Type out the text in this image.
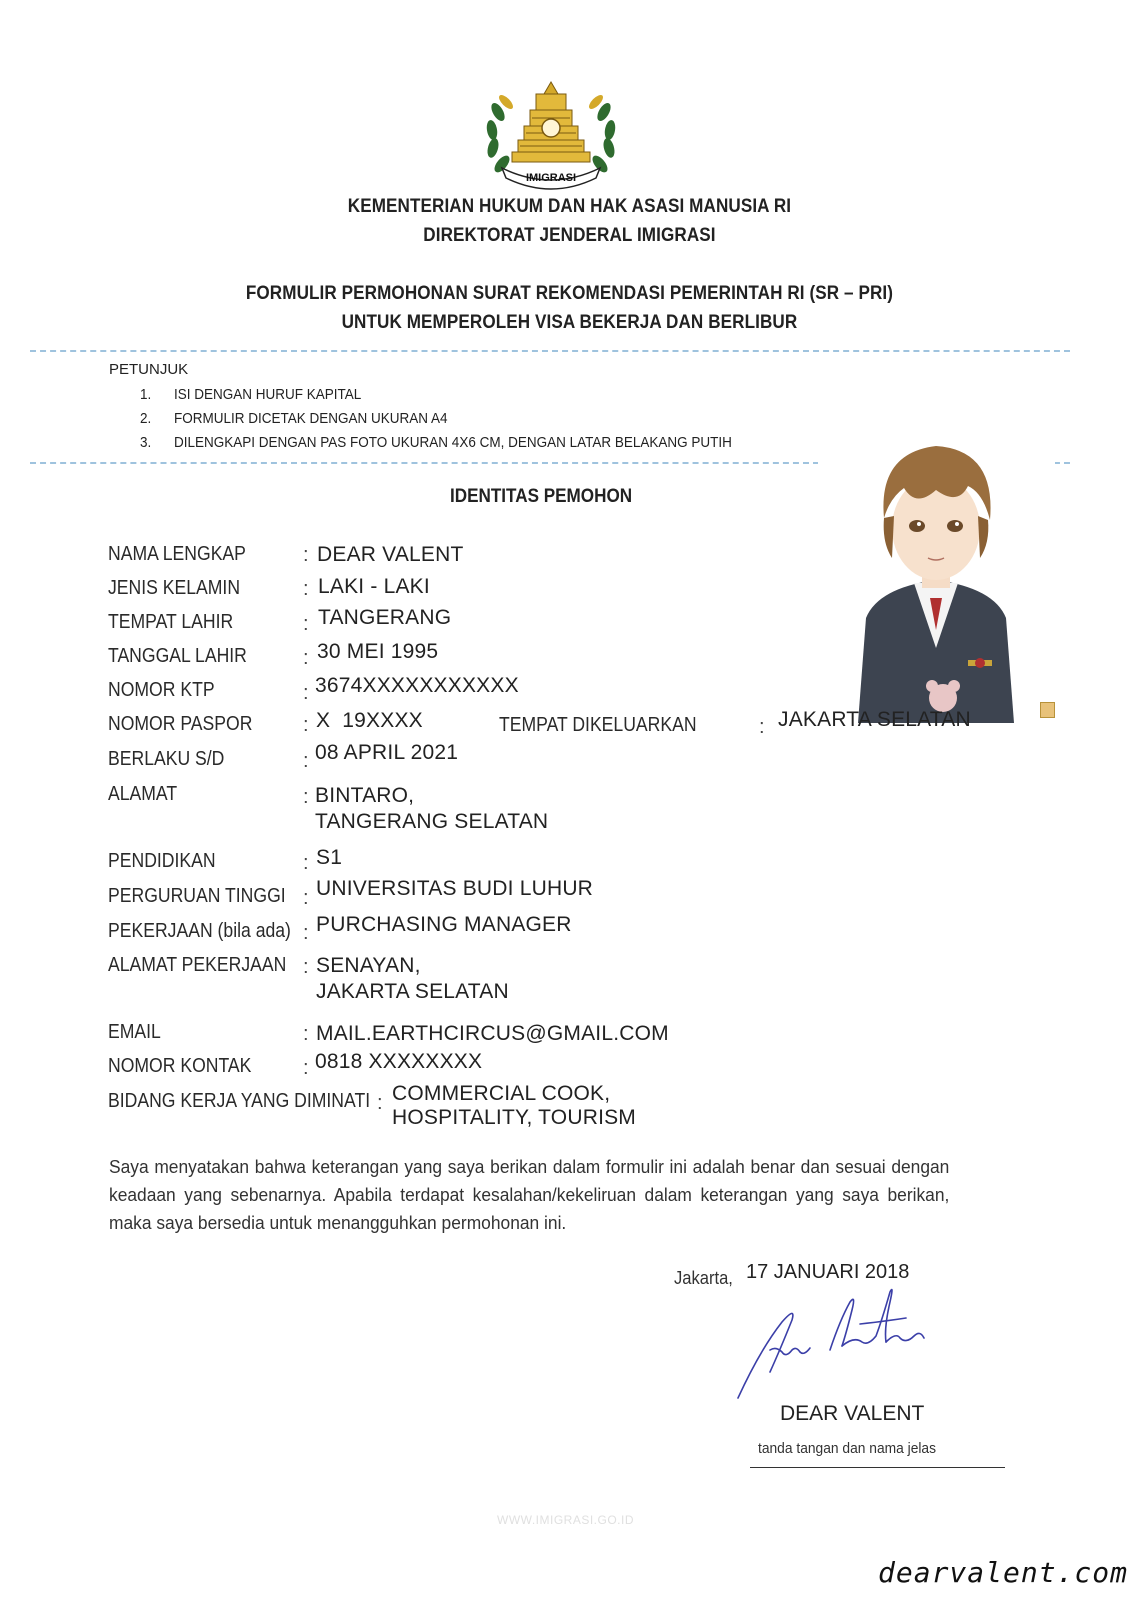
IMIGRASI
KEMENTERIAN HUKUM DAN HAK ASASI MANUSIA RI
DIREKTORAT JENDERAL IMIGRASI
FORMULIR PERMOHONAN SURAT REKOMENDASI PEMERINTAH RI (SR – PRI)
UNTUK MEMPEROLEH VISA BEKERJA DAN BERLIBUR
PETUNJUK
1. ISI DENGAN HURUF KAPITAL
2. FORMULIR DICETAK DENGAN UKURAN A4
3. DILENGKAPI DENGAN PAS FOTO UKURAN 4X6 CM, DENGAN LATAR BELAKANG PUTIH
IDENTITAS PEMOHON
NAMA LENGKAP	: DEAR VALENT
JENIS KELAMIN	: LAKI - LAKI
TEMPAT LAHIR	: TANGERANG
TANGGAL LAHIR	: 30 MEI 1995
NOMOR KTP	: 3674XXXXXXXXXXX
NOMOR PASPOR	: X  19XXXX	TEMPAT DIKELUARKAN	: JAKARTA SELATAN
BERLAKU S/D	: 08 APRIL 2021
ALAMAT	: BINTARO,
TANGERANG SELATAN
PENDIDIKAN	: S1
PERGURUAN TINGGI : UNIVERSITAS BUDI LUHUR
PEKERJAAN (bila ada) : PURCHASING MANAGER
ALAMAT PEKERJAAN : SENAYAN,
JAKARTA SELATAN
EMAIL	: MAIL.EARTHCIRCUS@GMAIL.COM
NOMOR KONTAK	: 0818 XXXXXXXX
BIDANG KERJA YANG DIMINATI : COMMERCIAL COOK,
HOSPITALITY, TOURISM
Saya menyatakan bahwa keterangan yang saya berikan dalam formulir ini adalah benar dan sesuai dengan keadaan yang sebenarnya. Apabila terdapat kesalahan/kekeliruan dalam keterangan yang saya berikan, maka saya bersedia untuk menangguhkan permohonan ini.
Jakarta, 17 JANUARI 2018
DEAR VALENT
tanda tangan dan nama jelas
WWW.IMIGRASI.GO.ID
dearvalent.com
